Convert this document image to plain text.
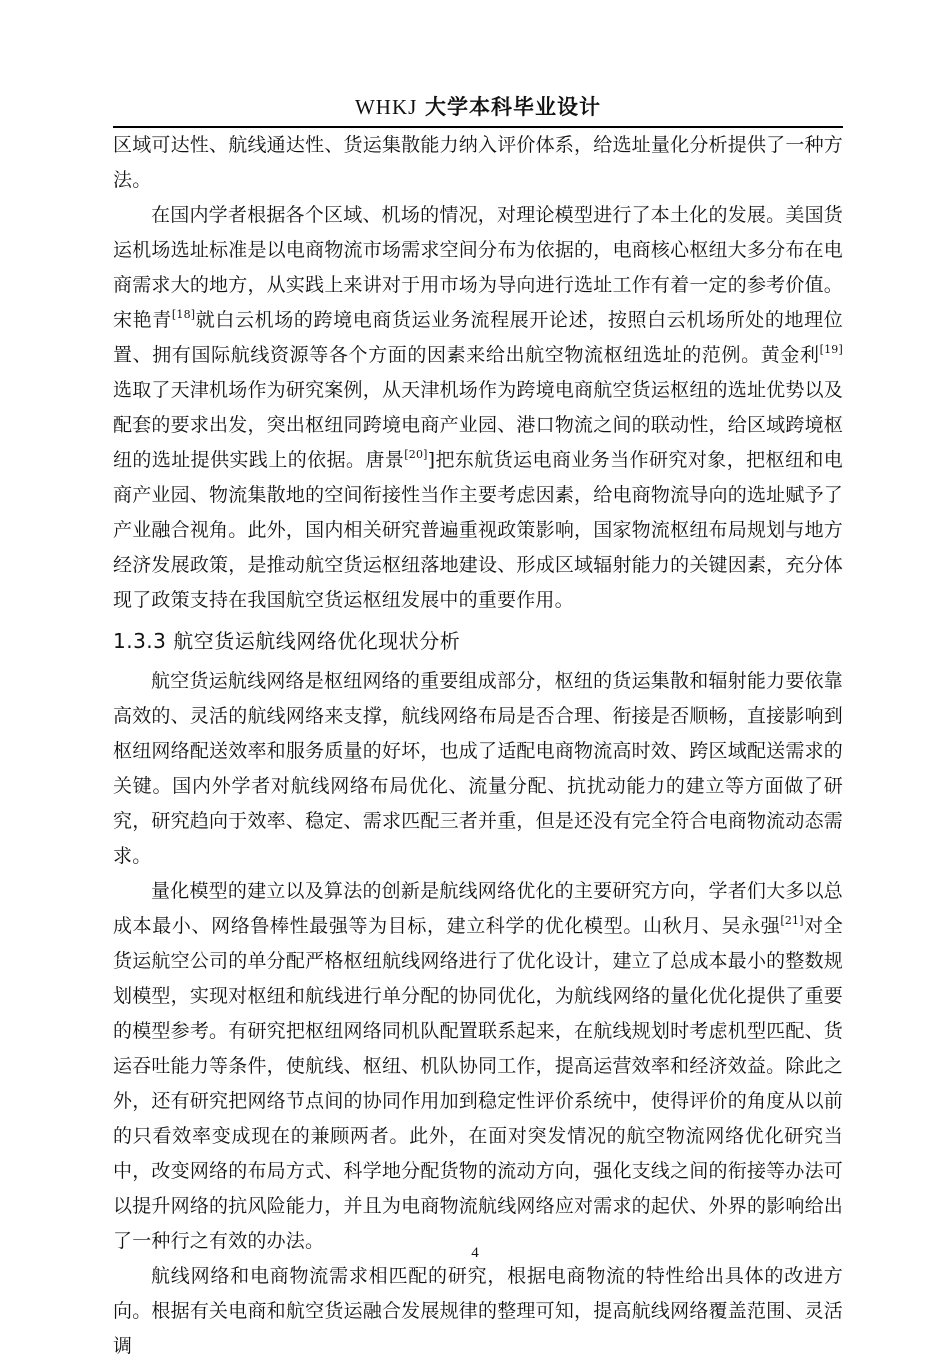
WHKJ 大学本科毕业设计

区域可达性、航线通达性、货运集散能力纳入评价体系，给选址量化分析提供了一种方法。

在国内学者根据各个区域、机场的情况，对理论模型进行了本土化的发展。美国货运机场选址标准是以电商物流市场需求空间分布为依据的，电商核心枢纽大多分布在电商需求大的地方，从实践上来讲对于用市场为导向进行选址工作有着一定的参考价值。宋艳青[18]就白云机场的跨境电商货运业务流程展开论述，按照白云机场所处的地理位置、拥有国际航线资源等各个方面的因素来给出航空物流枢纽选址的范例。黄金利[19]选取了天津机场作为研究案例，从天津机场作为跨境电商航空货运枢纽的选址优势以及配套的要求出发，突出枢纽同跨境电商产业园、港口物流之间的联动性，给区域跨境枢纽的选址提供实践上的依据。唐景[20]]把东航货运电商业务当作研究对象，把枢纽和电商产业园、物流集散地的空间衔接性当作主要考虑因素，给电商物流导向的选址赋予了产业融合视角。此外，国内相关研究普遍重视政策影响，国家物流枢纽布局规划与地方经济发展政策，是推动航空货运枢纽落地建设、形成区域辐射能力的关键因素，充分体现了政策支持在我国航空货运枢纽发展中的重要作用。

1.3.3 航空货运航线网络优化现状分析

航空货运航线网络是枢纽网络的重要组成部分，枢纽的货运集散和辐射能力要依靠高效的、灵活的航线网络来支撑，航线网络布局是否合理、衔接是否顺畅，直接影响到枢纽网络配送效率和服务质量的好坏，也成了适配电商物流高时效、跨区域配送需求的关键。国内外学者对航线网络布局优化、流量分配、抗扰动能力的建立等方面做了研究，研究趋向于效率、稳定、需求匹配三者并重，但是还没有完全符合电商物流动态需求。

量化模型的建立以及算法的创新是航线网络优化的主要研究方向，学者们大多以总成本最小、网络鲁棒性最强等为目标，建立科学的优化模型。山秋月、吴永强[21]对全货运航空公司的单分配严格枢纽航线网络进行了优化设计，建立了总成本最小的整数规划模型，实现对枢纽和航线进行单分配的协同优化，为航线网络的量化优化提供了重要的模型参考。有研究把枢纽网络同机队配置联系起来，在航线规划时考虑机型匹配、货运吞吐能力等条件，使航线、枢纽、机队协同工作，提高运营效率和经济效益。除此之外，还有研究把网络节点间的协同作用加到稳定性评价系统中，使得评价的角度从以前的只看效率变成现在的兼顾两者。此外，在面对突发情况的航空物流网络优化研究当中，改变网络的布局方式、科学地分配货物的流动方向，强化支线之间的衔接等办法可以提升网络的抗风险能力，并且为电商物流航线网络应对需求的起伏、外界的影响给出了一种行之有效的办法。

航线网络和电商物流需求相匹配的研究，根据电商物流的特性给出具体的改进方向。根据有关电商和航空货运融合发展规律的整理可知，提高航线网络覆盖范围、灵活调

4
